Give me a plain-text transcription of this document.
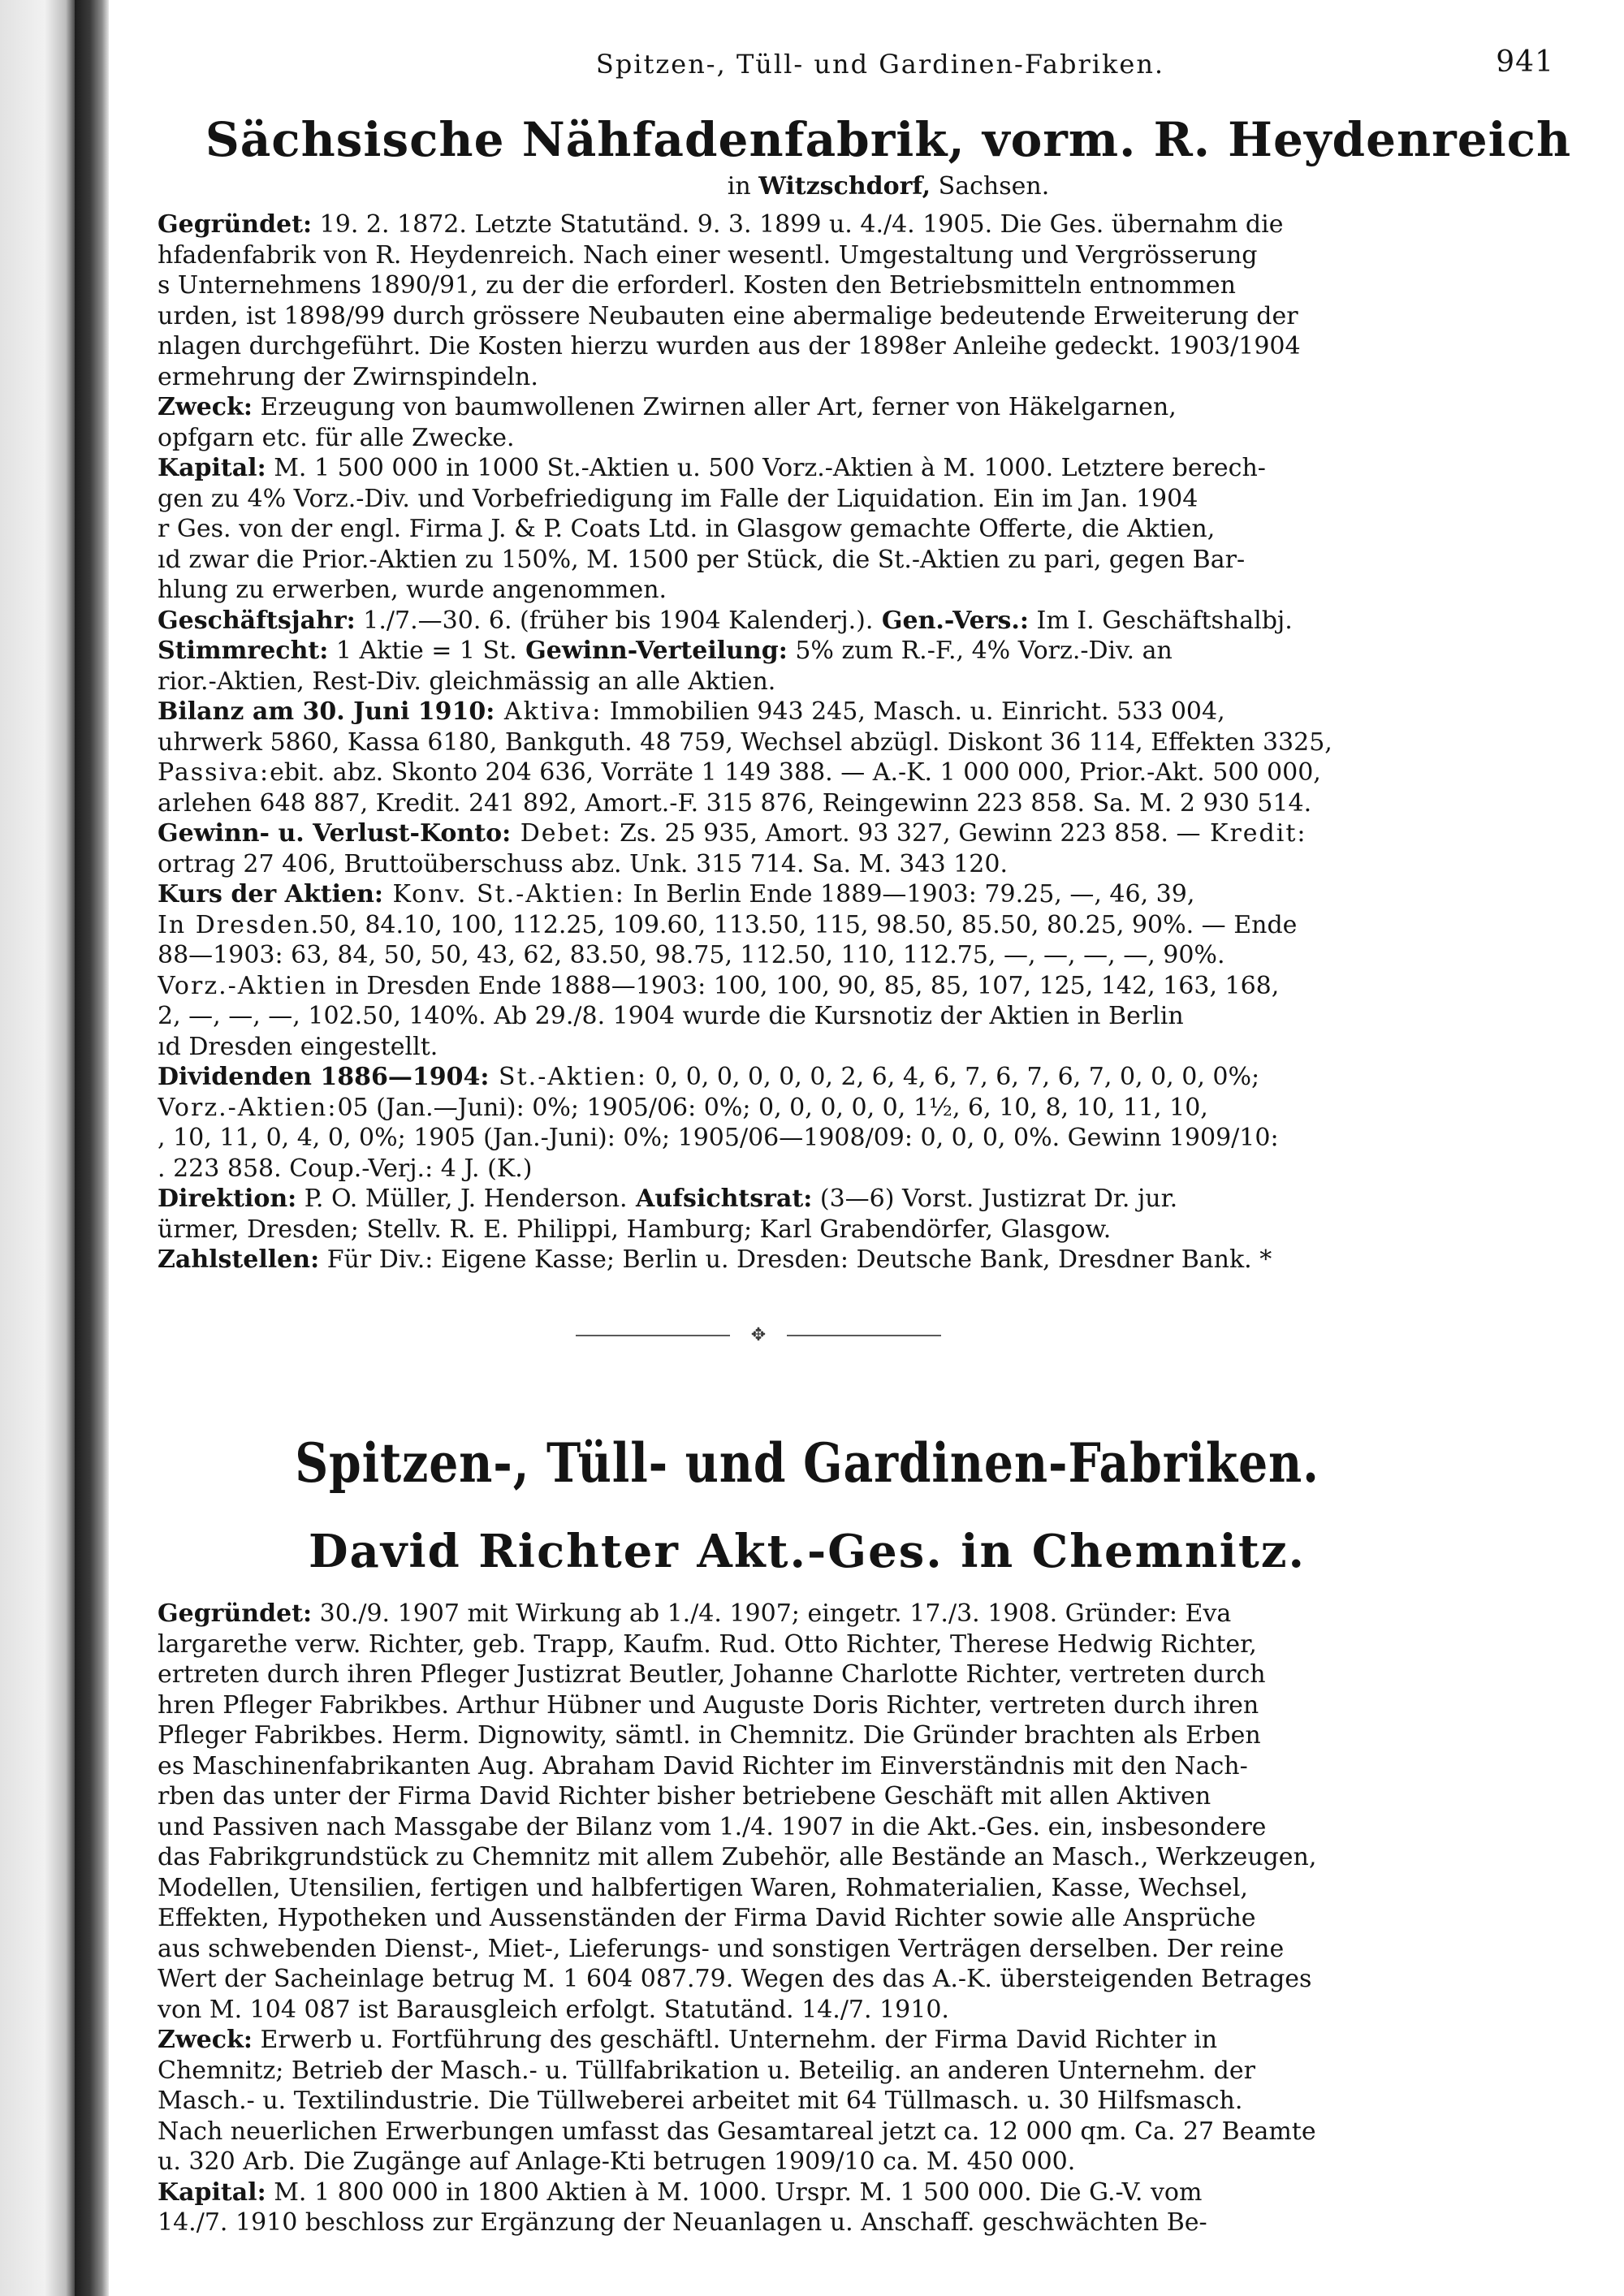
Spitzen-, Tüll- und Gardinen-Fabriken.	941
Sächsische Nähfadenfabrik, vorm. R. Heydenreich
in Witzschdorf, Sachsen.
Gegründet: 19. 2. 1872. Letzte Statutänd. 9. 3. 1899 u. 4./4. 1905. Die Ges. übernahm die
hfadenfabrik von R. Heydenreich. Nach einer wesentl. Umgestaltung und Vergrösserung
s Unternehmens 1890/91, zu der die erforderl. Kosten den Betriebsmitteln entnommen
urden, ist 1898/99 durch grössere Neubauten eine abermalige bedeutende Erweiterung der
nlagen durchgeführt. Die Kosten hierzu wurden aus der 1898er Anleihe gedeckt. 1903/1904
ermehrung der Zwirnspindeln.
Zweck: Erzeugung von baumwollenen Zwirnen aller Art, ferner von Häkelgarnen,
opfgarn etc. für alle Zwecke.
Kapital: M. 1 500 000 in 1000 St.-Aktien u. 500 Vorz.-Aktien à M. 1000. Letztere berech-
gen zu 4% Vorz.-Div. und Vorbefriedigung im Falle der Liquidation. Ein im Jan. 1904
r Ges. von der engl. Firma J. & P. Coats Ltd. in Glasgow gemachte Offerte, die Aktien,
ıd zwar die Prior.-Aktien zu 150%, M. 1500 per Stück, die St.-Aktien zu pari, gegen Bar-
hlung zu erwerben, wurde angenommen.
Geschäftsjahr: 1./7.—30. 6. (früher bis 1904 Kalenderj.). Gen.-Vers.: Im I. Geschäftshalbj.
Stimmrecht: 1 Aktie = 1 St. Gewinn-Verteilung: 5% zum R.-F., 4% Vorz.-Div. an
rior.-Aktien, Rest-Div. gleichmässig an alle Aktien.
Bilanz am 30. Juni 1910: Aktiva: Immobilien 943 245, Masch. u. Einricht. 533 004,
uhrwerk 5860, Kassa 6180, Bankguth. 48 759, Wechsel abzügl. Diskont 36 114, Effekten 3325,
Passiva:ebit. abz. Skonto 204 636, Vorräte 1 149 388. — A.-K. 1 000 000, Prior.-Akt. 500 000,
arlehen 648 887, Kredit. 241 892, Amort.-F. 315 876, Reingewinn 223 858. Sa. M. 2 930 514.
Gewinn- u. Verlust-Konto: Debet: Zs. 25 935, Amort. 93 327, Gewinn 223 858. — Kredit:
ortrag 27 406, Bruttoüberschuss abz. Unk. 315 714. Sa. M. 343 120.
Kurs der Aktien: Konv. St.-Aktien: In Berlin Ende 1889—1903: 79.25, —, 46, 39,
In Dresden.50, 84.10, 100, 112.25, 109.60, 113.50, 115, 98.50, 85.50, 80.25, 90%. — Ende
88—1903: 63, 84, 50, 50, 43, 62, 83.50, 98.75, 112.50, 110, 112.75, —, —, —, —, 90%.
Vorz.-Aktien in Dresden Ende 1888—1903: 100, 100, 90, 85, 85, 107, 125, 142, 163, 168,
2, —, —, —, 102.50, 140%. Ab 29./8. 1904 wurde die Kursnotiz der Aktien in Berlin
ıd Dresden eingestellt.
Dividenden 1886—1904: St.-Aktien: 0, 0, 0, 0, 0, 0, 2, 6, 4, 6, 7, 6, 7, 6, 7, 0, 0, 0, 0%;
Vorz.-Aktien:05 (Jan.—Juni): 0%; 1905/06: 0%; 0, 0, 0, 0, 0, 1½, 6, 10, 8, 10, 11, 10,
, 10, 11, 0, 4, 0, 0%; 1905 (Jan.-Juni): 0%; 1905/06—1908/09: 0, 0, 0, 0%. Gewinn 1909/10:
. 223 858. Coup.-Verj.: 4 J. (K.)
Direktion: P. O. Müller, J. Henderson. Aufsichtsrat: (3—6) Vorst. Justizrat Dr. jur.
ürmer, Dresden; Stellv. R. E. Philippi, Hamburg; Karl Grabendörfer, Glasgow.
Zahlstellen: Für Div.: Eigene Kasse; Berlin u. Dresden: Deutsche Bank, Dresdner Bank. *
✥
Spitzen-, Tüll- und Gardinen-Fabriken.
David Richter Akt.-Ges. in Chemnitz.
Gegründet: 30./9. 1907 mit Wirkung ab 1./4. 1907; eingetr. 17./3. 1908. Gründer: Eva
largarethe verw. Richter, geb. Trapp, Kaufm. Rud. Otto Richter, Therese Hedwig Richter,
ertreten durch ihren Pfleger Justizrat Beutler, Johanne Charlotte Richter, vertreten durch
hren Pfleger Fabrikbes. Arthur Hübner und Auguste Doris Richter, vertreten durch ihren
Pfleger Fabrikbes. Herm. Dignowity, sämtl. in Chemnitz. Die Gründer brachten als Erben
es Maschinenfabrikanten Aug. Abraham David Richter im Einverständnis mit den Nach-
rben das unter der Firma David Richter bisher betriebene Geschäft mit allen Aktiven
und Passiven nach Massgabe der Bilanz vom 1./4. 1907 in die Akt.-Ges. ein, insbesondere
das Fabrikgrundstück zu Chemnitz mit allem Zubehör, alle Bestände an Masch., Werkzeugen,
Modellen, Utensilien, fertigen und halbfertigen Waren, Rohmaterialien, Kasse, Wechsel,
Effekten, Hypotheken und Aussenständen der Firma David Richter sowie alle Ansprüche
aus schwebenden Dienst-, Miet-, Lieferungs- und sonstigen Verträgen derselben. Der reine
Wert der Sacheinlage betrug M. 1 604 087.79. Wegen des das A.-K. übersteigenden Betrages
von M. 104 087 ist Barausgleich erfolgt. Statutänd. 14./7. 1910.
Zweck: Erwerb u. Fortführung des geschäftl. Unternehm. der Firma David Richter in
Chemnitz; Betrieb der Masch.- u. Tüllfabrikation u. Beteilig. an anderen Unternehm. der
Masch.- u. Textilindustrie. Die Tüllweberei arbeitet mit 64 Tüllmasch. u. 30 Hilfsmasch.
Nach neuerlichen Erwerbungen umfasst das Gesamtareal jetzt ca. 12 000 qm. Ca. 27 Beamte
u. 320 Arb. Die Zugänge auf Anlage-Kti betrugen 1909/10 ca. M. 450 000.
Kapital: M. 1 800 000 in 1800 Aktien à M. 1000. Urspr. M. 1 500 000. Die G.-V. vom
14./7. 1910 beschloss zur Ergänzung der Neuanlagen u. Anschaff. geschwächten Be-
